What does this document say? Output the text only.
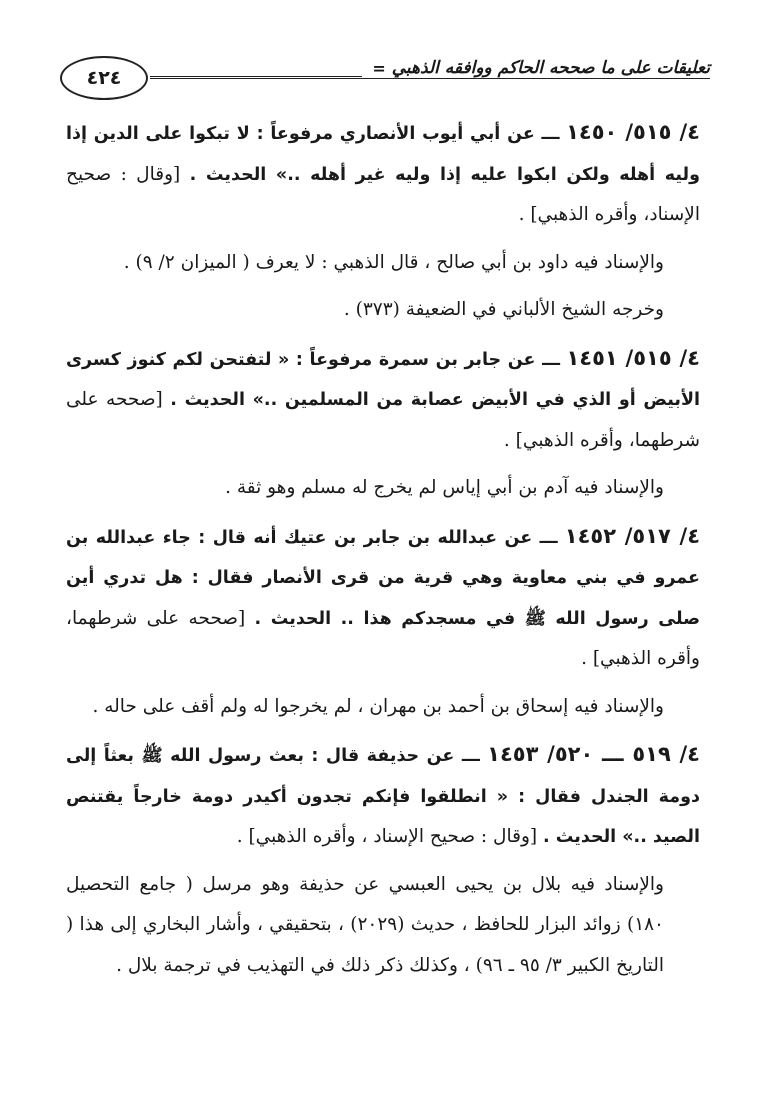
تعليقات على ما صححه الحاكم ووافقه الذهبي
=
٤٢٤

٤/ ٥١٥/ ١٤٥٠ ـــ عن أبي أيوب الأنصاري مرفوعاً : لا تبكوا على الدين إذا وليه أهله ولكن ابكوا عليه إذا وليه غير أهله ..» الحديث . [وقال : صحيح الإسناد، وأقره الذهبي] .

والإسناد فيه داود بن أبي صالح ، قال الذهبي : لا يعرف ( الميزان ٢/ ٩) .

وخرجه الشيخ الألباني في الضعيفة (٣٧٣) .

٤/ ٥١٥/ ١٤٥١ ـــ عن جابر بن سمرة مرفوعاً : « لتفتحن لكم كنوز كسرى الأبيض أو الذي في الأبيض عصابة من المسلمين ..» الحديث . [صححه على شرطهما، وأقره الذهبي] .

والإسناد فيه آدم بن أبي إياس لم يخرج له مسلم وهو ثقة .

٤/ ٥١٧/ ١٤٥٢ ـــ عن عبدالله بن جابر بن عتيك أنه قال : جاء عبدالله بن عمرو في بني معاوية وهي قرية من قرى الأنصار فقال : هل تدري أين صلى رسول الله ﷺ في مسجدكم هذا .. الحديث . [صححه على شرطهما، وأقره الذهبي] .

والإسناد فيه إسحاق بن أحمد بن مهران ، لم يخرجوا له ولم أقف على حاله .

٤/ ٥١٩ ـــ ٥٢٠/ ١٤٥٣ ـــ عن حذيفة قال : بعث رسول الله ﷺ بعثاً إلى دومة الجندل فقال : « انطلقوا فإنكم تجدون أكيدر دومة خارجاً يقتنص الصيد ..» الحديث . [وقال : صحيح الإسناد ، وأقره الذهبي] .

والإسناد فيه بلال بن يحيى العبسي عن حذيفة وهو مرسل ( جامع التحصيل ١٨٠) زوائد البزار للحافظ ، حديث (٢٠٢٩) ، بتحقيقي ، وأشار البخاري إلى هذا ( التاريخ الكبير ٣/ ٩٥ ـ ٩٦) ، وكذلك ذكر ذلك في التهذيب في ترجمة بلال .
